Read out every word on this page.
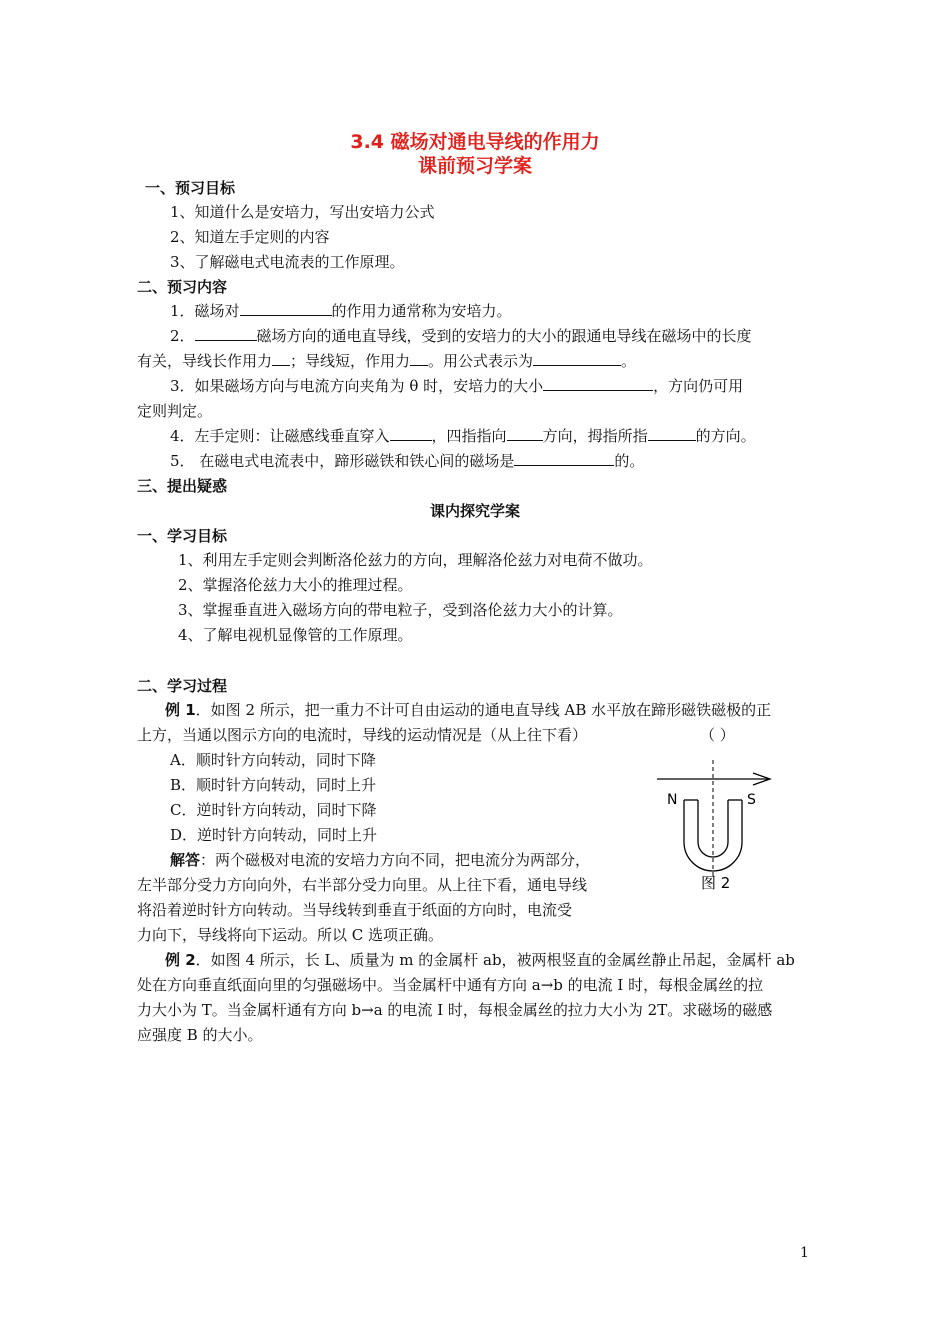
3.4 磁场对通电导线的作用力
课前预习学案
一、预习目标
1、知道什么是安培力，写出安培力公式
2、知道左手定则的内容
3、了解磁电式电流表的工作原理。
二、预习内容
1．磁场对	的作用力通常称为安培力。
2．	磁场方向的通电直导线，受到的安培力的大小的跟通电导线在磁场中的长度
有关，导线长作用力 ；导线短，作用力 。用公式表示为	。
3．如果磁场方向与电流方向夹角为 θ 时，安培力的大小	，方向仍可用
定则判定。
4．左手定则：让磁感线垂直穿入	，四指指向 方向，拇指所指	的方向。
5． 在磁电式电流表中，蹄形磁铁和铁心间的磁场是	的。
三、提出疑惑
课内探究学案
一、学习目标
1、利用左手定则会判断洛伦兹力的方向，理解洛伦兹力对电荷不做功。
2、掌握洛伦兹力大小的推理过程。
3、掌握垂直进入磁场方向的带电粒子，受到洛伦兹力大小的计算。
4、了解电视机显像管的工作原理。
二、学习过程
例 1．如图 2 所示，把一重力不计可自由运动的通电直导线 AB 水平放在蹄形磁铁磁极的正
上方，当通以图示方向的电流时，导线的运动情况是（从上往下看）	（ ）
A．顺时针方向转动，同时下降
B．顺时针方向转动，同时上升
C．逆时针方向转动，同时下降
D．逆时针方向转动，同时上升
解答：两个磁极对电流的安培力方向不同，把电流分为两部分，
左半部分受力方向向外，右半部分受力向里。从上往下看，通电导线
将沿着逆时针方向转动。当导线转到垂直于纸面的方向时，电流受
力向下，导线将向下运动。所以 C 选项正确。
例 2．如图 4 所示，长 L、质量为 m 的金属杆 ab，被两根竖直的金属丝静止吊起，金属杆 ab
处在方向垂直纸面向里的匀强磁场中。当金属杆中通有方向 a→b 的电流 I 时，每根金属丝的拉
力大小为 T。当金属杆通有方向 b→a 的电流 I 时，每根金属丝的拉力大小为 2T。求磁场的磁感
应强度 B 的大小。
N	S
图 2
1
